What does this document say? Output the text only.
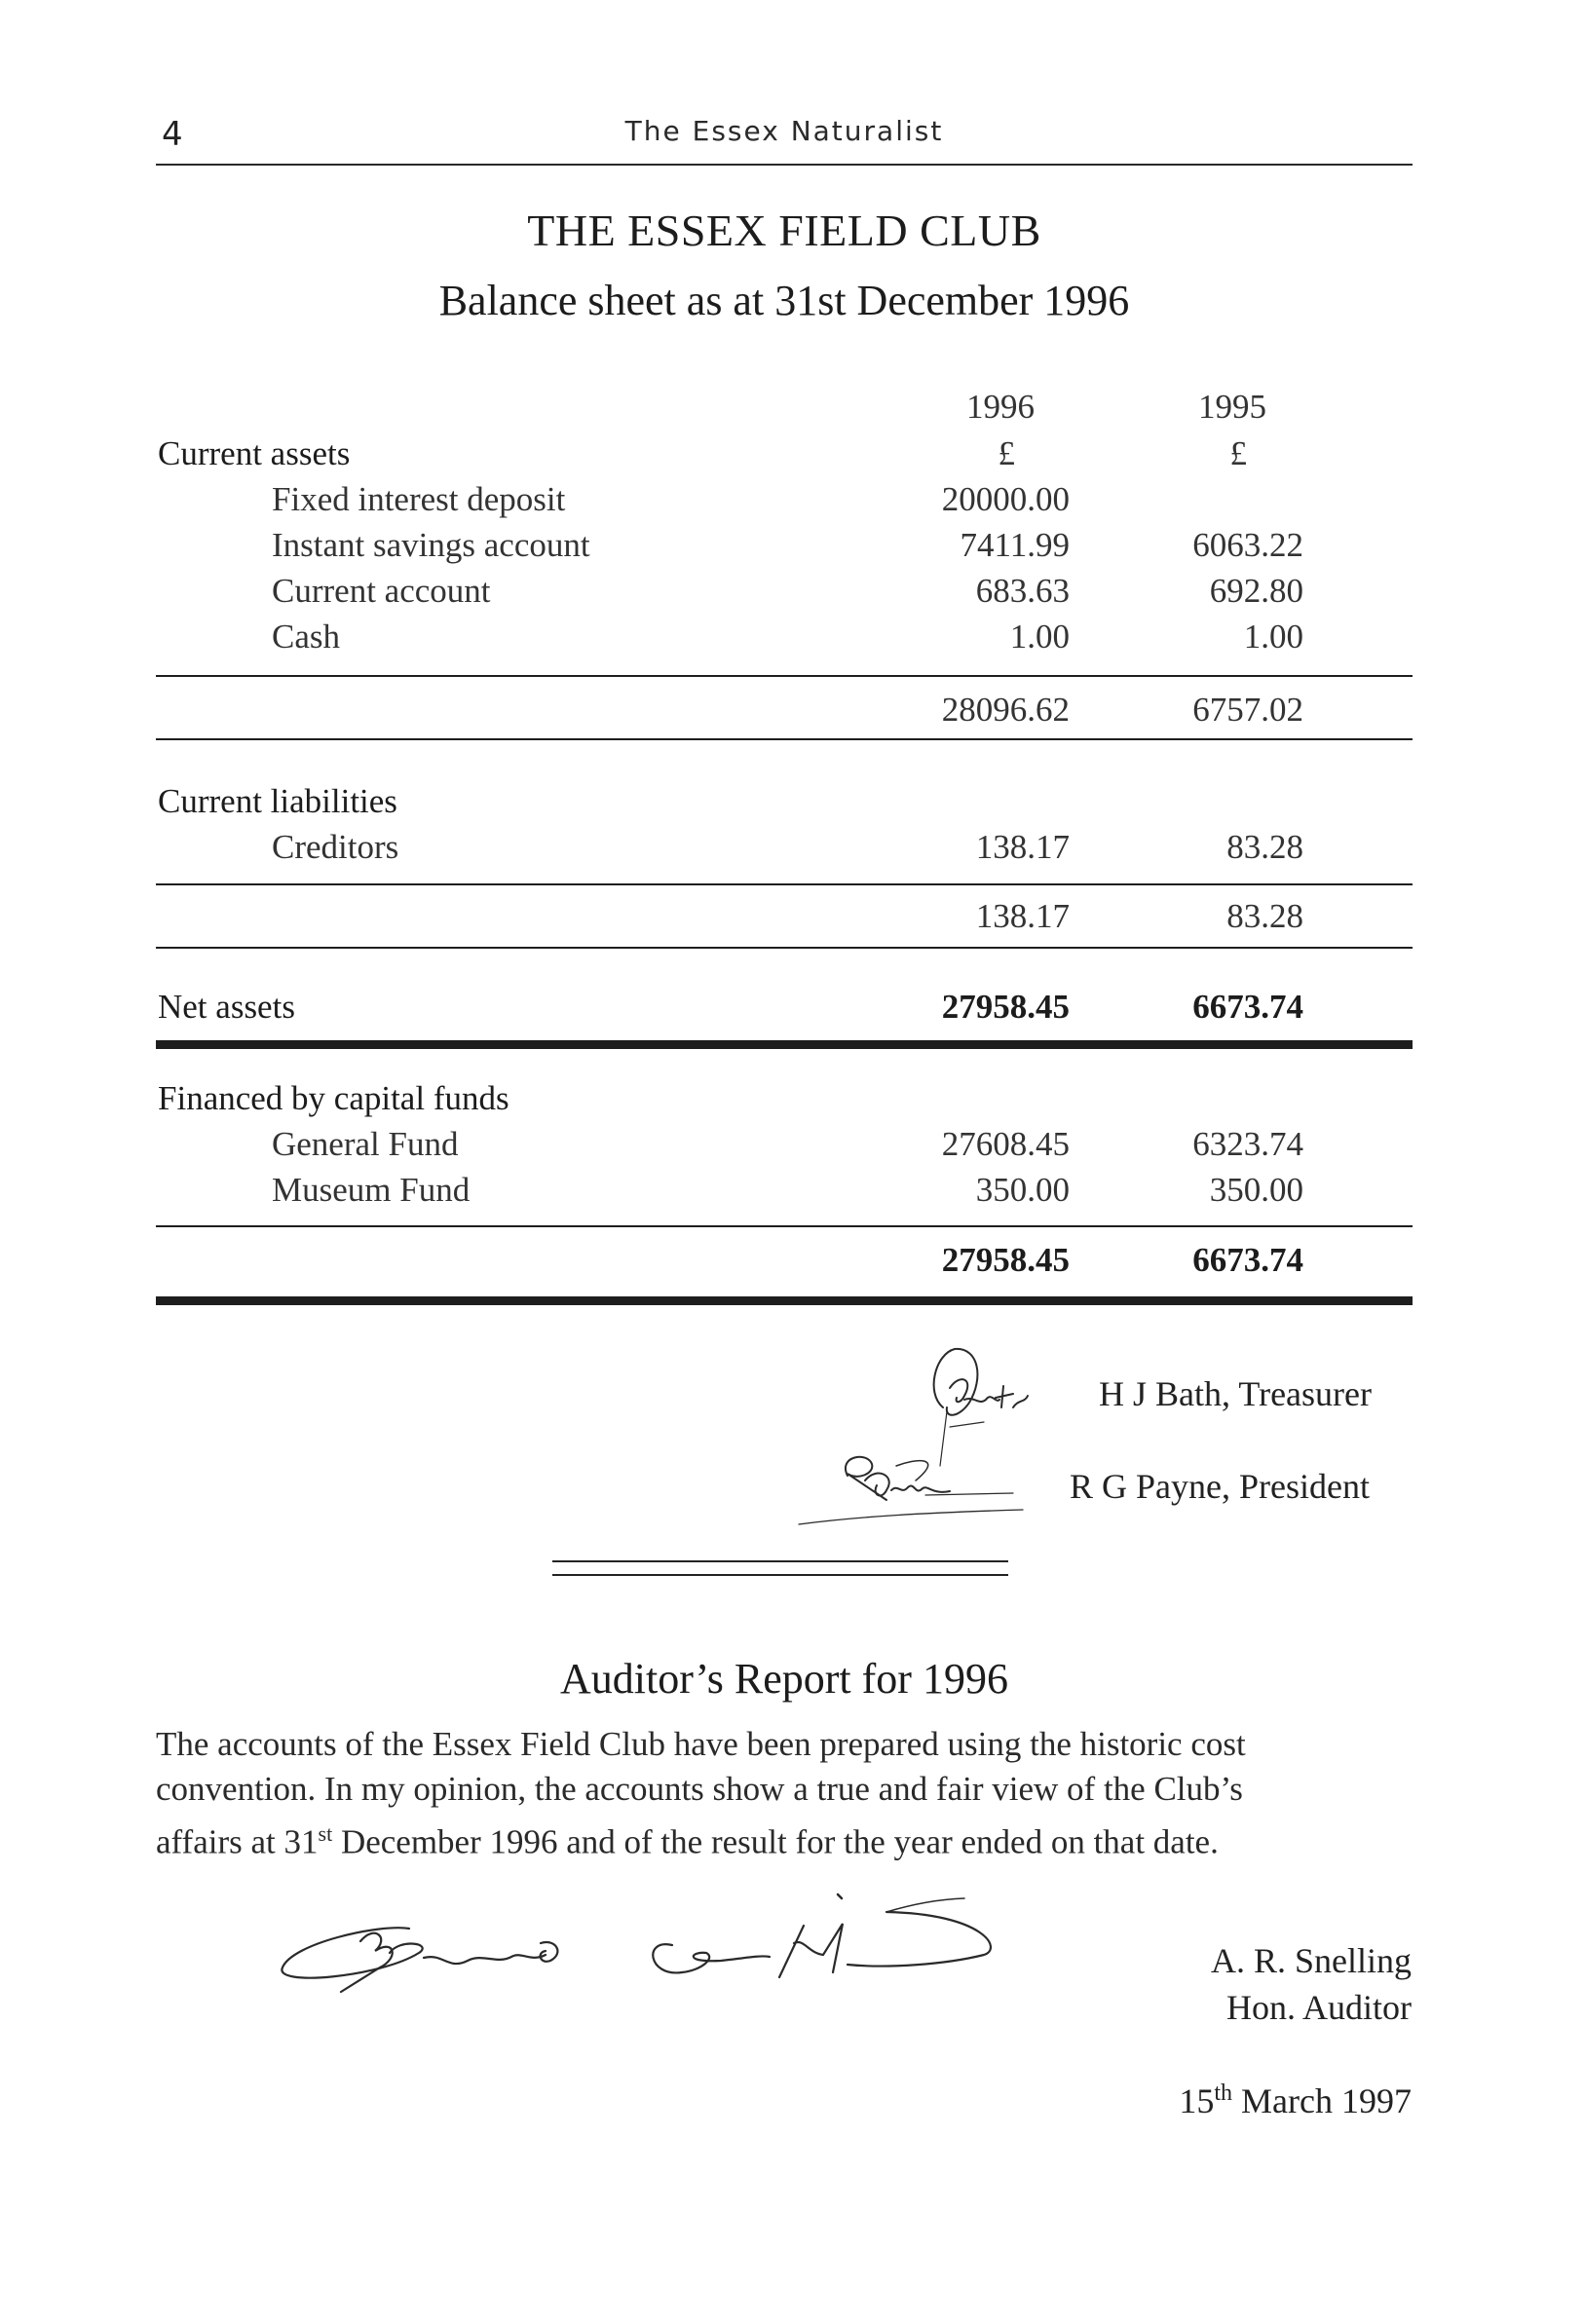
4	The Essex Naturalist
THE ESSEX FIELD CLUB
Balance sheet as at 31st December 1996
1996	1995
Current assets	£	£
Fixed interest deposit	20000.00
Instant savings account	7411.99	6063.22
Current account	683.63	692.80
Cash	1.00	1.00
28096.62	6757.02
Current liabilities
Creditors	138.17	83.28
138.17	83.28
Net assets	27958.45	6673.74
Financed by capital funds
General Fund	27608.45	6323.74
Museum Fund	350.00	350.00
27958.45	6673.74
H J Bath, Treasurer
R G Payne, President
Auditor’s Report for 1996

The accounts of the Essex Field Club have been prepared using the historic cost

convention. In my opinion, the accounts show a true and fair view of the Club’s

affairs at 31st December 1996 and of the result for the year ended on that date.

A. R. Snelling
Hon. Auditor
15th March 1997
